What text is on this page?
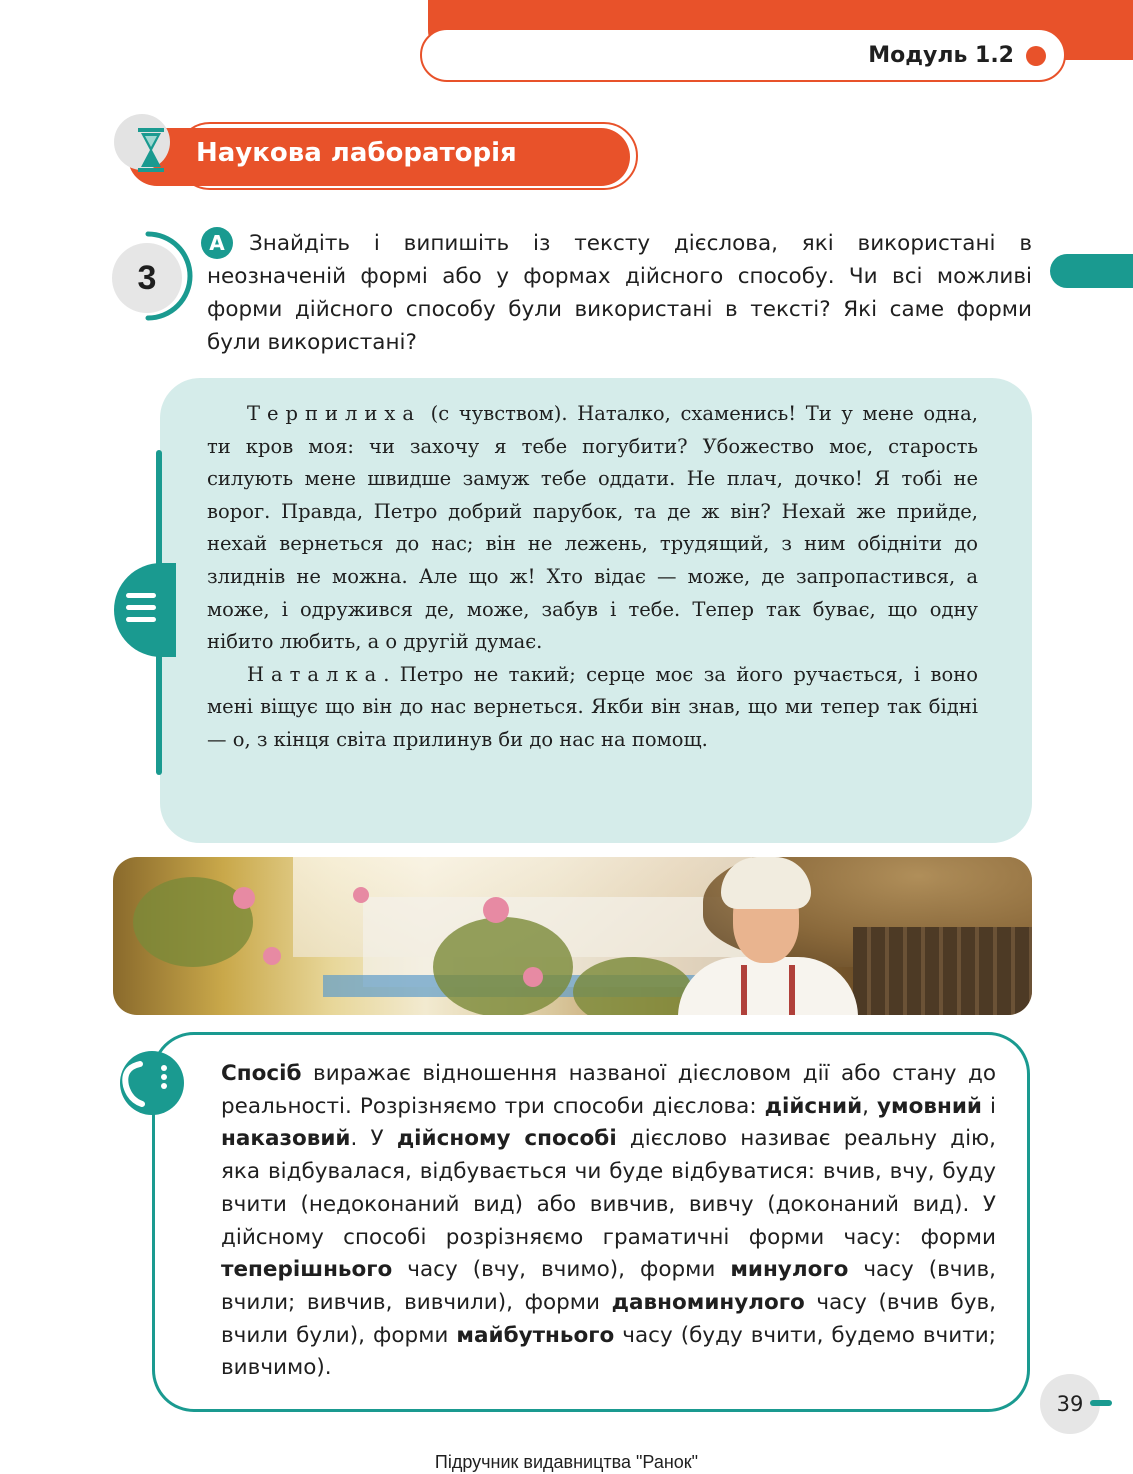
Модуль 1.2
Наукова лабораторія
3
Знайдіть і випишіть із тексту дієслова, які використані в неозначеній формі або у формах дійсного способу. Чи всі можливі форми дійсного способу були використані в тексті? Які саме форми були використані?
A

Терпилиха (с чувством). Наталко, схаменись! Ти у мене одна, ти кров моя: чи захочу я тебе погубити? Убожество моє, старость силують мене швидше замуж тебе оддати. Не плач, дочко! Я тобі не ворог. Правда, Петро добрий парубок, та де ж він? Нехай же прийде, нехай вернеться до нас; він не лежень, трудящий, з ним обідніти до злиднів не можна. Але що ж! Хто відає — може, де запропастився, а може, і одружився де, може, забув і тебе. Тепер так буває, що одну нібито любить, а о другій думає.

Наталка. Петро не такий; серце моє за його ручається, і воно мені віщує що він до нас вернеться. Якби він знав, що ми тепер так бідні — о, з кінця світа прилинув би до нас на помощ.

Спосіб виражає відношення названої дієсловом дії або стану до реальності. Розрізняємо три способи дієслова: дійсний, умовний і наказовий. У дійсному способі дієслово називає реальну дію, яка відбувалася, відбувається чи буде відбуватися: вчив, вчу, буду вчити (недоконаний вид) або вивчив, вивчу (доконаний вид). У дійсному способі розрізняємо граматичні форми часу: форми теперішнього часу (вчу, вчимо), форми минулого часу (вчив, вчили; вивчив, вивчили), форми давноминулого часу (вчив був, вчили були), форми майбутнього часу (буду вчити, будемо вчити; вивчимо).
39
Підручник видавництва "Ранок"
